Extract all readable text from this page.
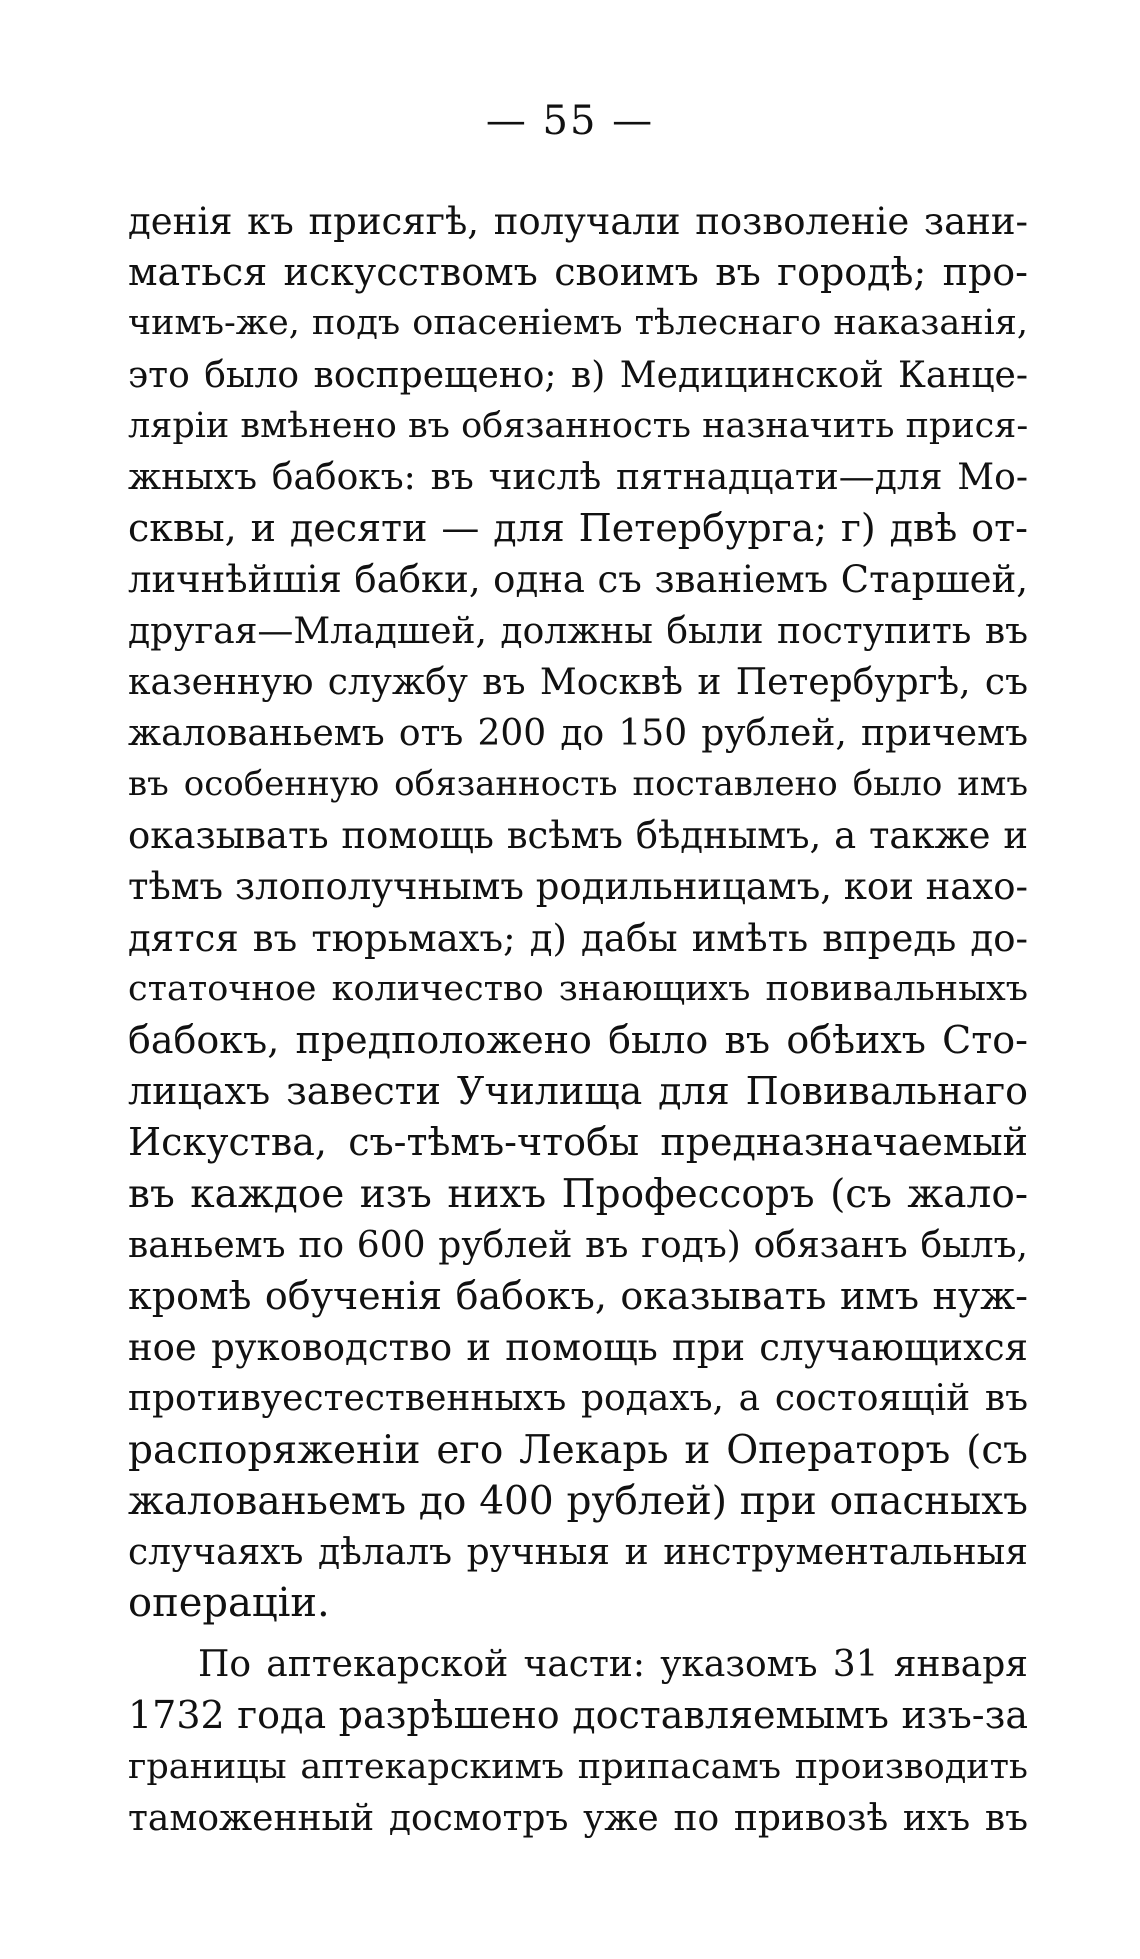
— 55 —
денія къ присягѣ, получали позволеніе зани-
маться искусствомъ своимъ въ городѣ; про-
чимъ-же, подъ опасеніемъ тѣлеснаго наказанія,
это было воспрещено; в) Медицинской Канце-
ляріи вмѣнено въ обязанность назначить прися-
жныхъ бабокъ: въ числѣ пятнадцати—для Мо-
сквы, и десяти — для Петербурга; г) двѣ от-
личнѣйшія бабки, одна съ званіемъ Старшей,
другая—Младшей, должны были поступить въ
казенную службу въ Москвѣ и Петербургѣ, съ
жалованьемъ отъ 200 до 150 рублей, причемъ
въ особенную обязанность поставлено было имъ
оказывать помощь всѣмъ бѣднымъ, а также и
тѣмъ злополучнымъ родильницамъ, кои нахо-
дятся въ тюрьмахъ; д) дабы имѣть впредь до-
статочное количество знающихъ повивальныхъ
бабокъ, предположено было въ обѣихъ Сто-
лицахъ завести Училища для Повивальнаго
Искуства, съ-тѣмъ-чтобы предназначаемый
въ каждое изъ нихъ Профессоръ (съ жало-
ваньемъ по 600 рублей въ годъ) обязанъ былъ,
кромѣ обученія бабокъ, оказывать имъ нуж-
ное руководство и помощь при случающихся
противуестественныхъ родахъ, а состоящій въ
распоряженіи его Лекарь и Операторъ (съ
жалованьемъ до 400 рублей) при опасныхъ
случаяхъ дѣлалъ ручныя и инструментальныя
операціи.
По аптекарской части: указомъ 31 января
1732 года разрѣшено доставляемымъ изъ-за
границы аптекарскимъ припасамъ производить
таможенный досмотръ уже по привозѣ ихъ въ
